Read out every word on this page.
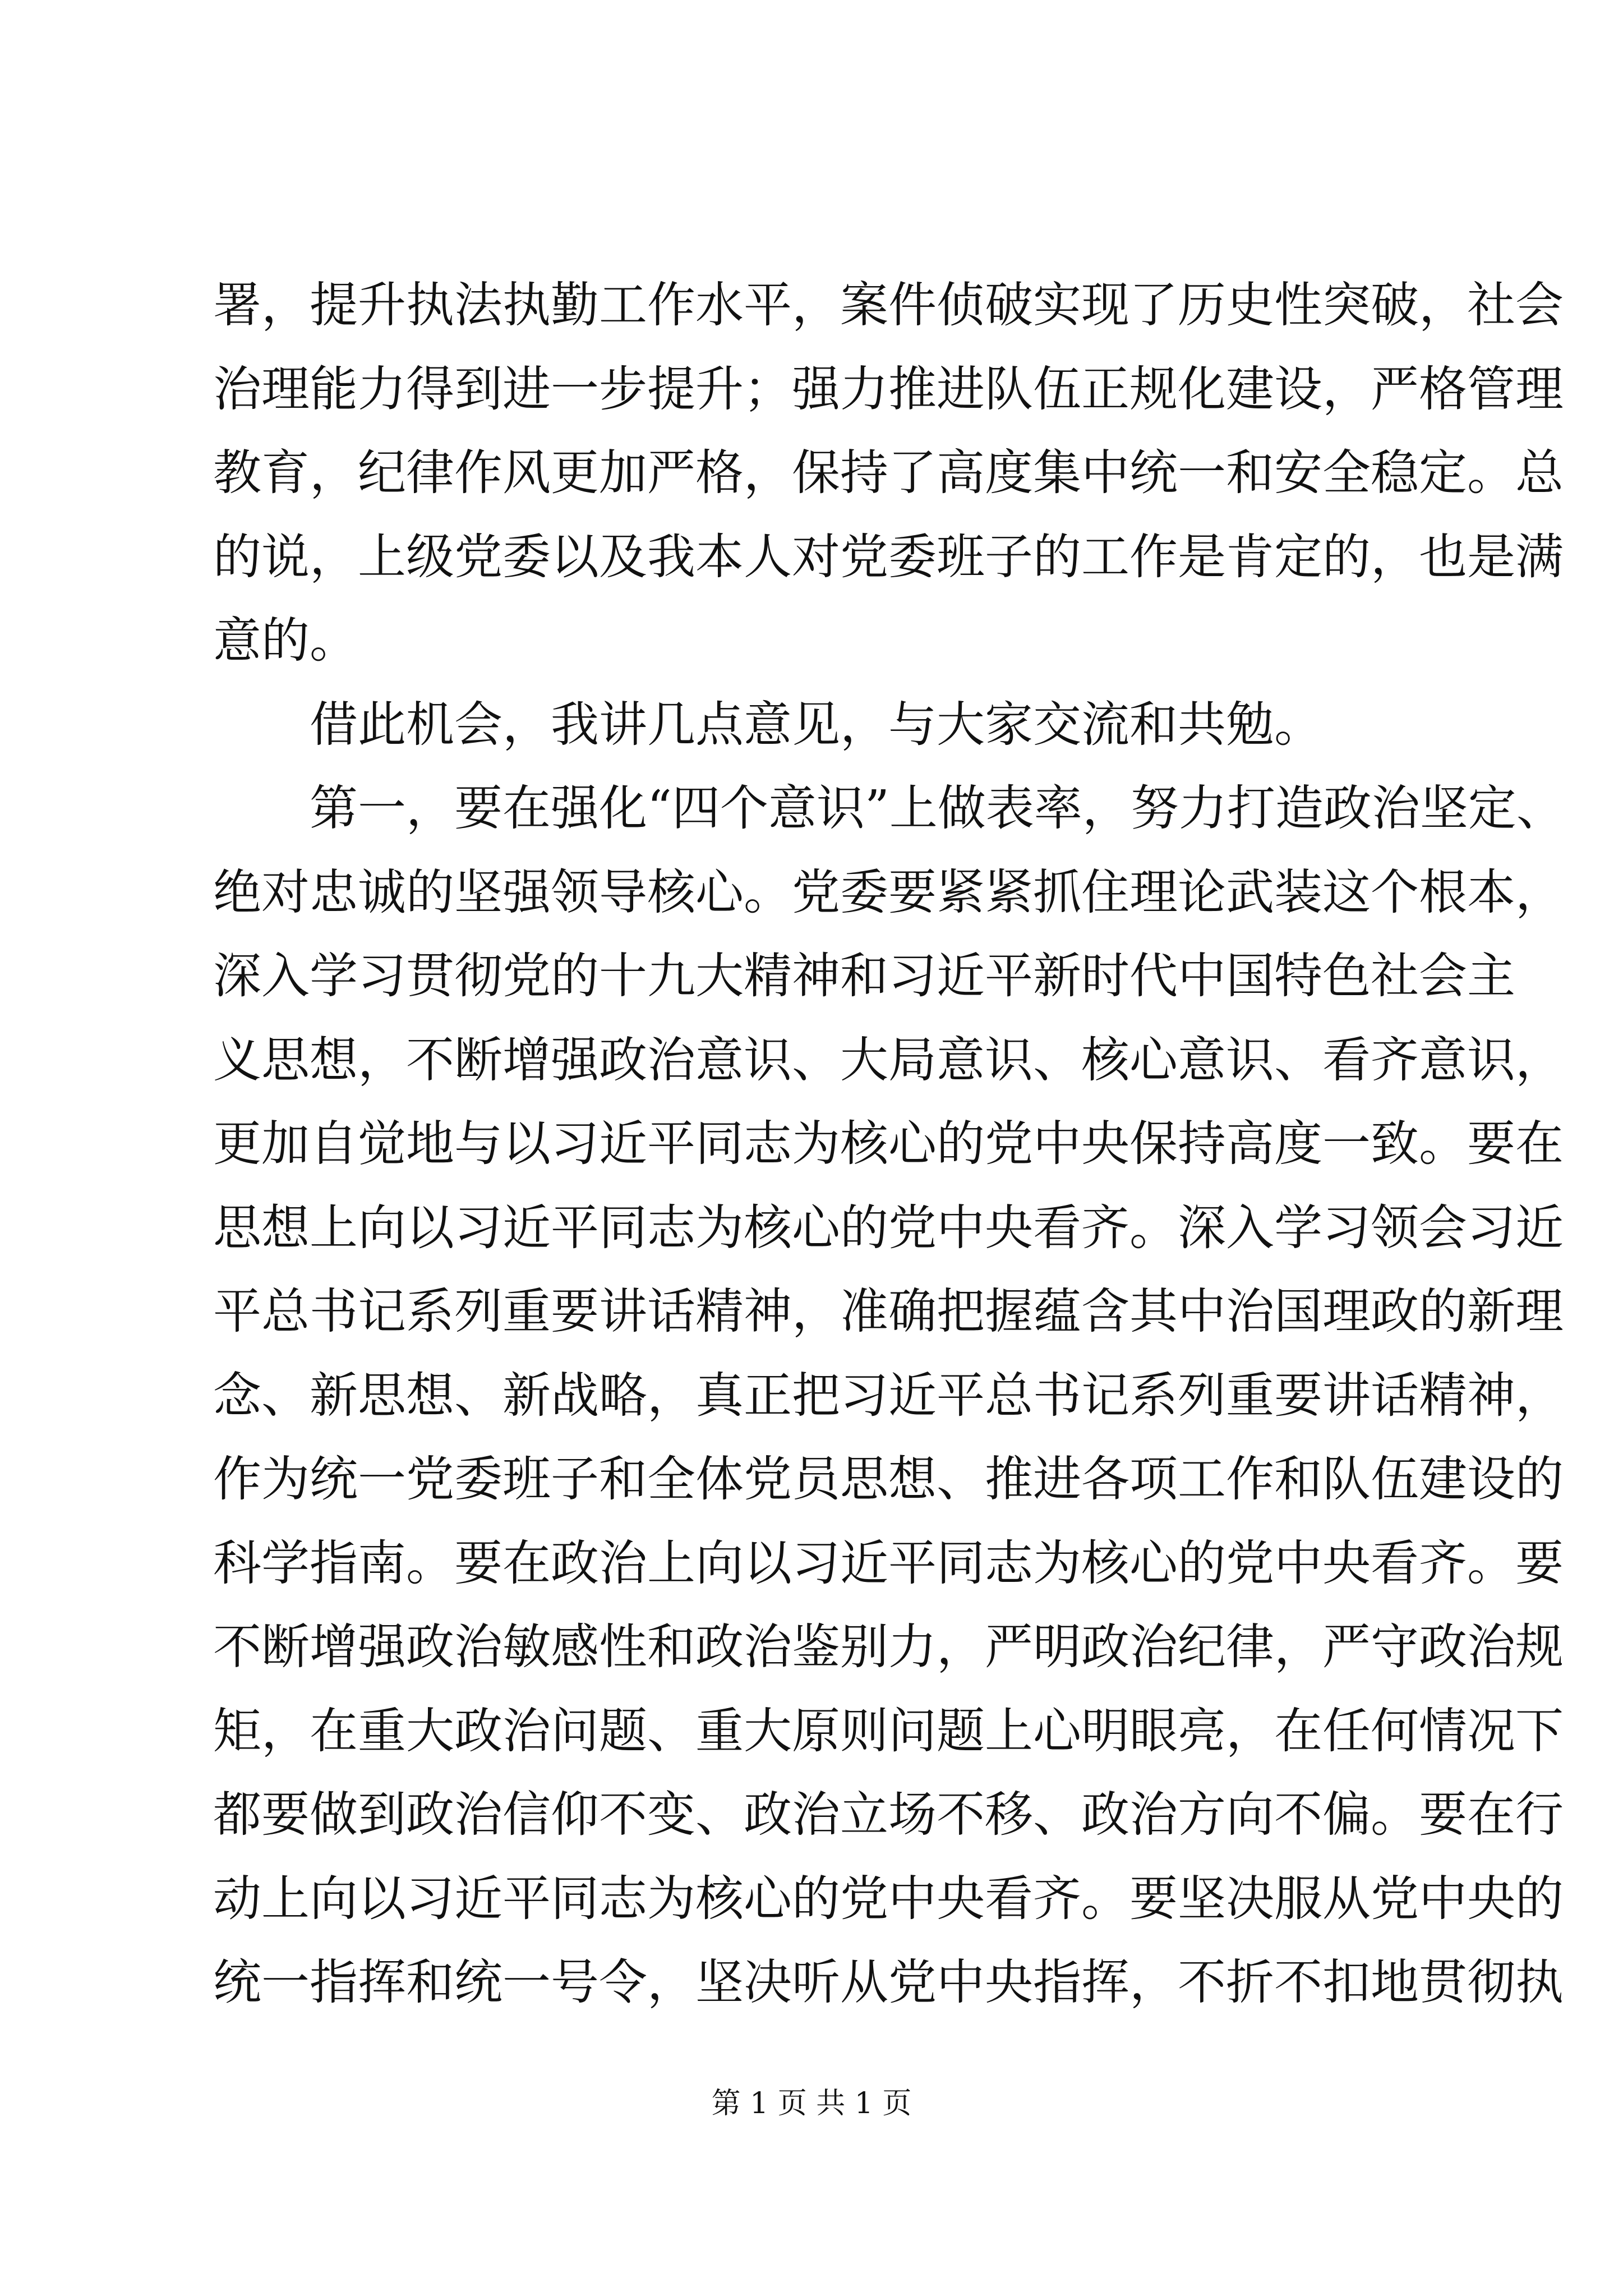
署，提升执法执勤工作水平，案件侦破实现了历史性突破，社会
治理能力得到进一步提升；强力推进队伍正规化建设，严格管理
教育，纪律作风更加严格，保持了高度集中统一和安全稳定。总
的说，上级党委以及我本人对党委班子的工作是肯定的，也是满
意的。
借此机会，我讲几点意见，与大家交流和共勉。
第一，要在强化“四个意识”上做表率，努力打造政治坚定、
绝对忠诚的坚强领导核心。党委要紧紧抓住理论武装这个根本，
深入学习贯彻党的十九大精神和习近平新时代中国特色社会主
义思想，不断增强政治意识、大局意识、核心意识、看齐意识，
更加自觉地与以习近平同志为核心的党中央保持高度一致。要在
思想上向以习近平同志为核心的党中央看齐。深入学习领会习近
平总书记系列重要讲话精神，准确把握蕴含其中治国理政的新理
念、新思想、新战略，真正把习近平总书记系列重要讲话精神，
作为统一党委班子和全体党员思想、推进各项工作和队伍建设的
科学指南。要在政治上向以习近平同志为核心的党中央看齐。要
不断增强政治敏感性和政治鉴别力，严明政治纪律，严守政治规
矩，在重大政治问题、重大原则问题上心明眼亮，在任何情况下
都要做到政治信仰不变、政治立场不移、政治方向不偏。要在行
动上向以习近平同志为核心的党中央看齐。要坚决服从党中央的
统一指挥和统一号令，坚决听从党中央指挥，不折不扣地贯彻执
第 1 页 共 1 页
